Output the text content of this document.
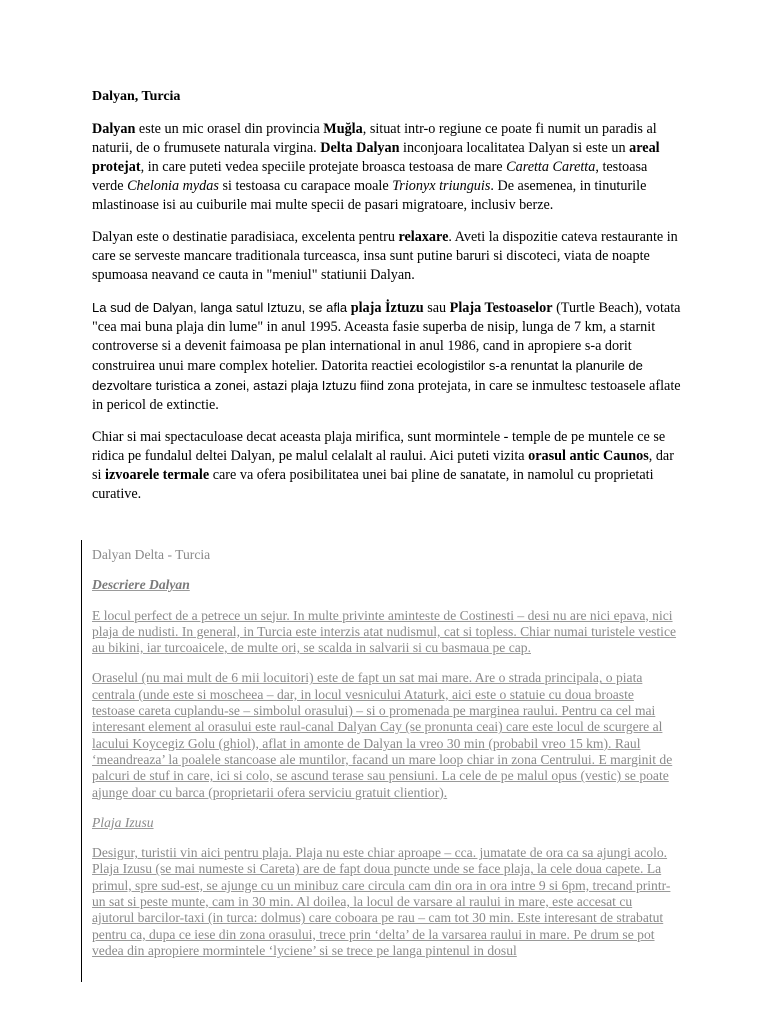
Dalyan, Turcia

Dalyan este un mic orasel din provincia Muğla, situat intr-o regiune ce poate fi numit un paradis al naturii, de o frumusete naturala virgina. Delta Dalyan inconjoara localitatea Dalyan si este un areal protejat, in care puteti vedea speciile protejate broasca testoasa de mare Caretta Caretta, testoasa verde Chelonia mydas si testoasa cu carapace moale Trionyx triunguis. De asemenea, in tinuturile mlastinoase isi au cuiburile mai multe specii de pasari migratoare, inclusiv berze.

Dalyan este o destinatie paradisiaca, excelenta pentru relaxare. Aveti la dispozitie cateva restaurante in care se serveste mancare traditionala turceasca, insa sunt putine baruri si discoteci, viata de noapte spumoasa neavand ce cauta in "meniul" statiunii Dalyan.

La sud de Dalyan, langa satul Iztuzu, se afla plaja İztuzu sau Plaja Testoaselor (Turtle Beach), votata "cea mai buna plaja din lume" in anul 1995. Aceasta fasie superba de nisip, lunga de 7 km, a starnit controverse si a devenit faimoasa pe plan international in anul 1986, cand in apropiere s-a dorit construirea unui mare complex hotelier. Datorita reactiei ecologistilor s-a renuntat la planurile de dezvoltare turistica a zonei, astazi plaja Iztuzu fiind zona protejata, in care se inmultesc testoasele aflate in pericol de extinctie.

Chiar si mai spectaculoase decat aceasta plaja mirifica, sunt mormintele - temple de pe muntele ce se ridica pe fundalul deltei Dalyan, pe malul celalalt al raului. Aici puteti vizita orasul antic Caunos, dar si izvoarele termale care va ofera posibilitatea unei bai pline de sanatate, in namolul cu proprietati curative.

Dalyan Delta - Turcia

Descriere Dalyan

E locul perfect de a petrece un sejur. In multe privinte aminteste de Costinesti – desi nu are nici epava, nici plaja de nudisti. In general, in Turcia este interzis atat nudismul, cat si topless. Chiar numai turistele vestice au bikini, iar turcoaicele, de multe ori, se scalda in salvarii si cu basmaua pe cap.

Oraselul (nu mai mult de 6 mii locuitori) este de fapt un sat mai mare. Are o strada principala, o piata centrala (unde este si moscheea – dar, in locul vesnicului Ataturk, aici este o statuie cu doua broaste testoase careta cuplandu-se – simbolul orasului) – si o promenada pe marginea raului. Pentru ca cel mai interesant element al orasului este raul-canal Dalyan Cay (se pronunta ceai) care este locul de scurgere al lacului Koycegiz Golu (ghiol), aflat in amonte de Dalyan la vreo 30 min (probabil vreo 15 km). Raul ‘meandreaza’ la poalele stancoase ale muntilor, facand un mare loop chiar in zona Centrului. E marginit de palcuri de stuf in care, ici si colo, se ascund terase sau pensiuni. La cele de pe malul opus (vestic) se poate ajunge doar cu barca (proprietarii ofera serviciu gratuit clientior).

Plaja Izusu

Desigur, turistii vin aici pentru plaja. Plaja nu este chiar aproape – cca. jumatate de ora ca sa ajungi acolo. Plaja Izusu (se mai numeste si Careta) are de fapt doua puncte unde se face plaja, la cele doua capete. La primul, spre sud-est, se ajunge cu un minibuz care circula cam din ora in ora intre 9 si 6pm, trecand printr-un sat si peste munte, cam in 30 min. Al doilea, la locul de varsare al raului in mare, este accesat cu ajutorul barcilor-taxi (in turca: dolmus) care coboara pe rau – cam tot 30 min. Este interesant de strabatut pentru ca, dupa ce iese din zona orasului, trece prin ‘delta’ de la varsarea raului in mare. Pe drum se pot vedea din apropiere mormintele ‘lyciene’ si se trece pe langa pintenul in dosul
